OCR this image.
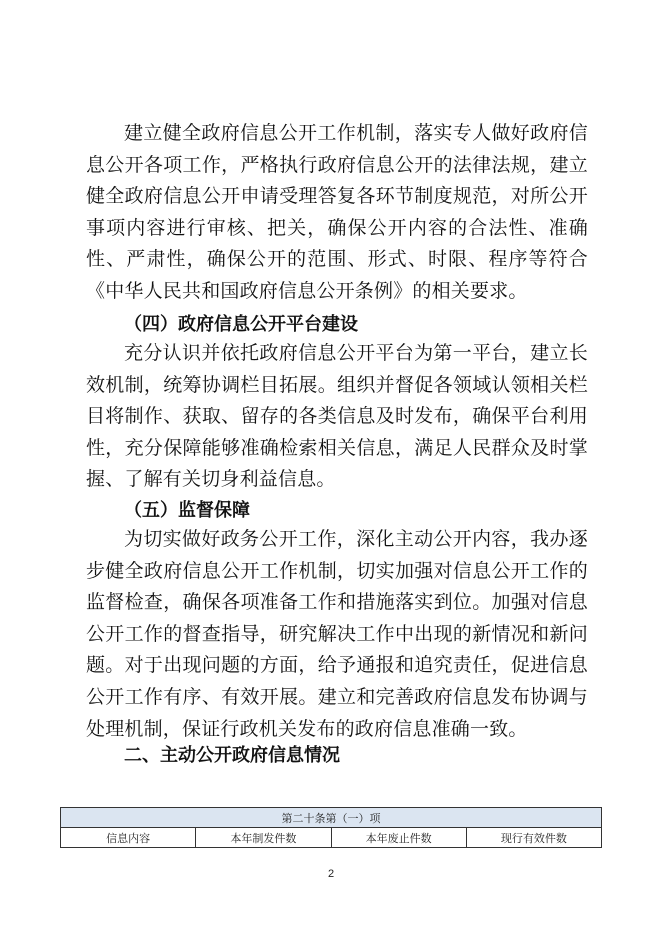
建立健全政府信息公开工作机制，落实专人做好政府信息公开各项工作，严格执行政府信息公开的法律法规，建立健全政府信息公开申请受理答复各环节制度规范，对所公开事项内容进行审核、把关，确保公开内容的合法性、准确性、严肃性，确保公开的范围、形式、时限、程序等符合《中华人民共和国政府信息公开条例》的相关要求。

（四）政府信息公开平台建设

充分认识并依托政府信息公开平台为第一平台，建立长效机制，统筹协调栏目拓展。组织并督促各领域认领相关栏目将制作、获取、留存的各类信息及时发布，确保平台利用性，充分保障能够准确检索相关信息，满足人民群众及时掌握、了解有关切身利益信息。

（五）监督保障

为切实做好政务公开工作，深化主动公开内容，我办逐步健全政府信息公开工作机制，切实加强对信息公开工作的监督检查，确保各项准备工作和措施落实到位。加强对信息公开工作的督查指导，研究解决工作中出现的新情况和新问题。对于出现问题的方面，给予通报和追究责任，促进信息公开工作有序、有效开展。建立和完善政府信息发布协调与处理机制，保证行政机关发布的政府信息准确一致。

二、主动公开政府信息情况
第二十条第（一）项
信息内容	本年制发件数	本年废止件数	现行有效件数
2
